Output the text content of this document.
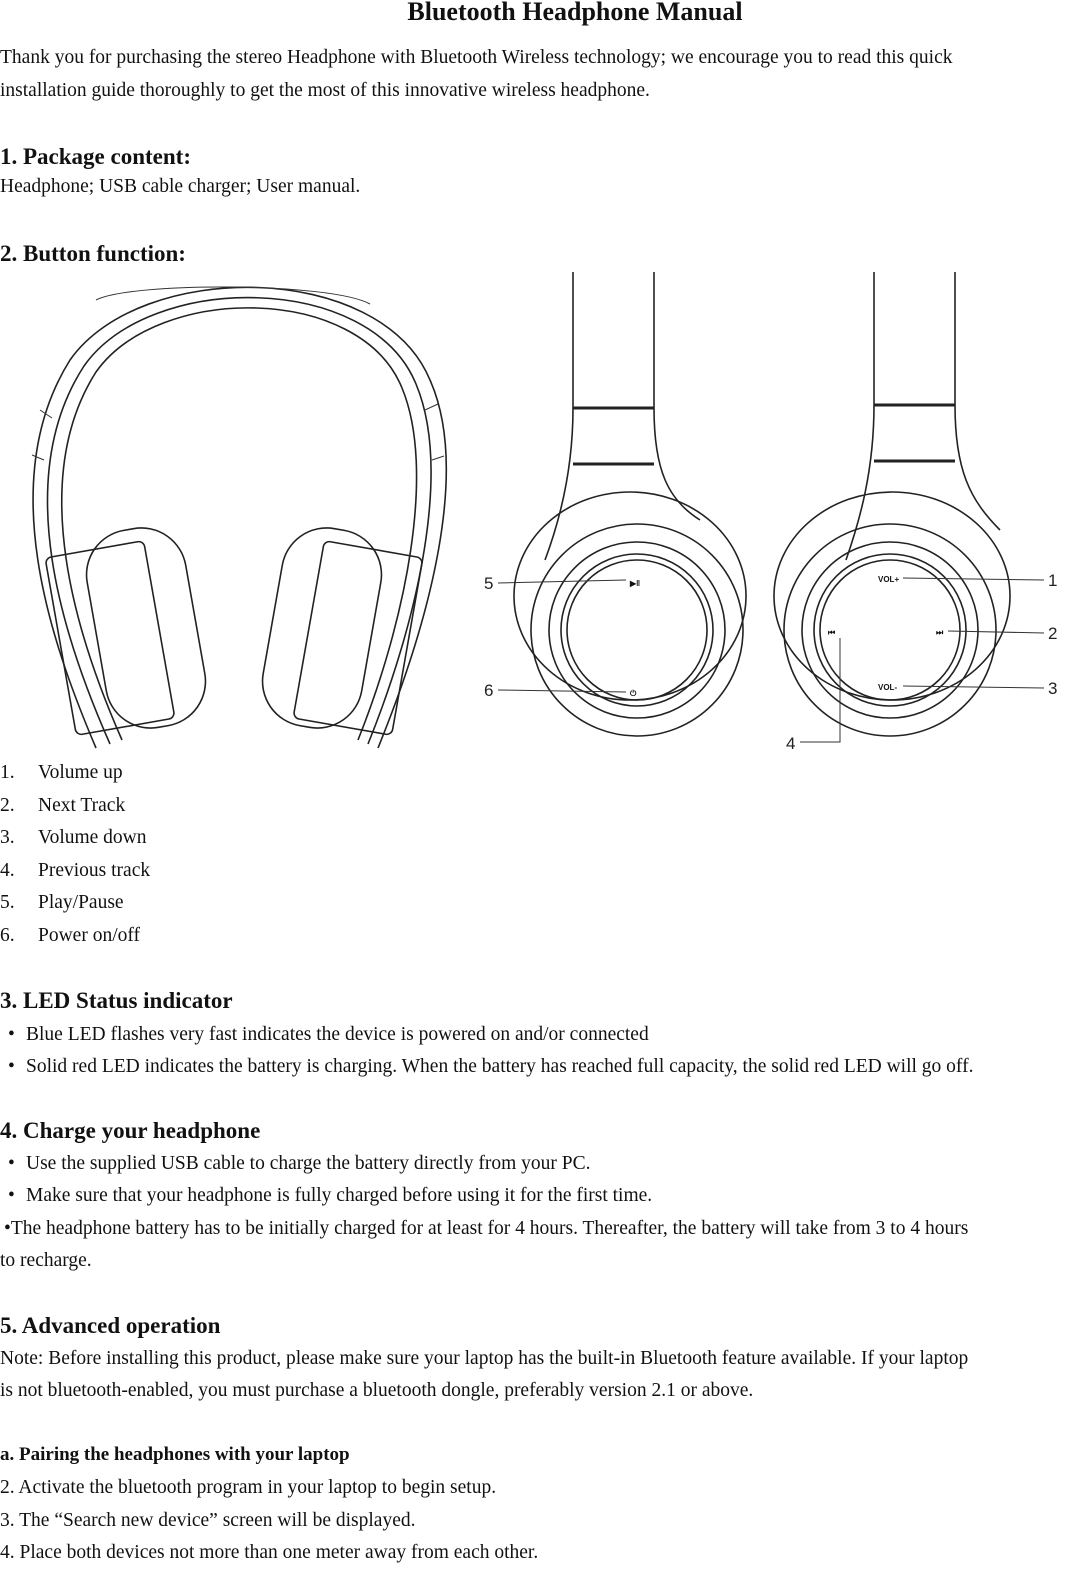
Bluetooth Headphone Manual
Thank you for purchasing the stereo Headphone with Bluetooth Wireless technology; we encourage you to read this quick
installation guide thoroughly to get the most of this innovative wireless headphone.
1. Package content:
Headphone; USB cable charger; User manual.
2. Button function:
▶‖
⏻
VOL+
VOL-
⏮	⏭
1
2
3
4
5
6
1. Volume up
2. Next Track
3. Volume down
4. Previous track
5. Play/Pause
6. Power on/off
3. LED Status indicator
• Blue LED flashes very fast indicates the device is powered on and/or connected
• Solid red LED indicates the battery is charging. When the battery has reached full capacity, the solid red LED will go off.
4. Charge your headphone
• Use the supplied USB cable to charge the battery directly from your PC.
• Make sure that your headphone is fully charged before using it for the first time.
•The headphone battery has to be initially charged for at least for 4 hours. Thereafter, the battery will take from 3 to 4 hours
to recharge.
5. Advanced operation
Note: Before installing this product, please make sure your laptop has the built-in Bluetooth feature available. If your laptop
is not bluetooth-enabled, you must purchase a bluetooth dongle, preferably version 2.1 or above.
a. Pairing the headphones with your laptop
2. Activate the bluetooth program in your laptop to begin setup.
3. The “Search new device” screen will be displayed.
4. Place both devices not more than one meter away from each other.
